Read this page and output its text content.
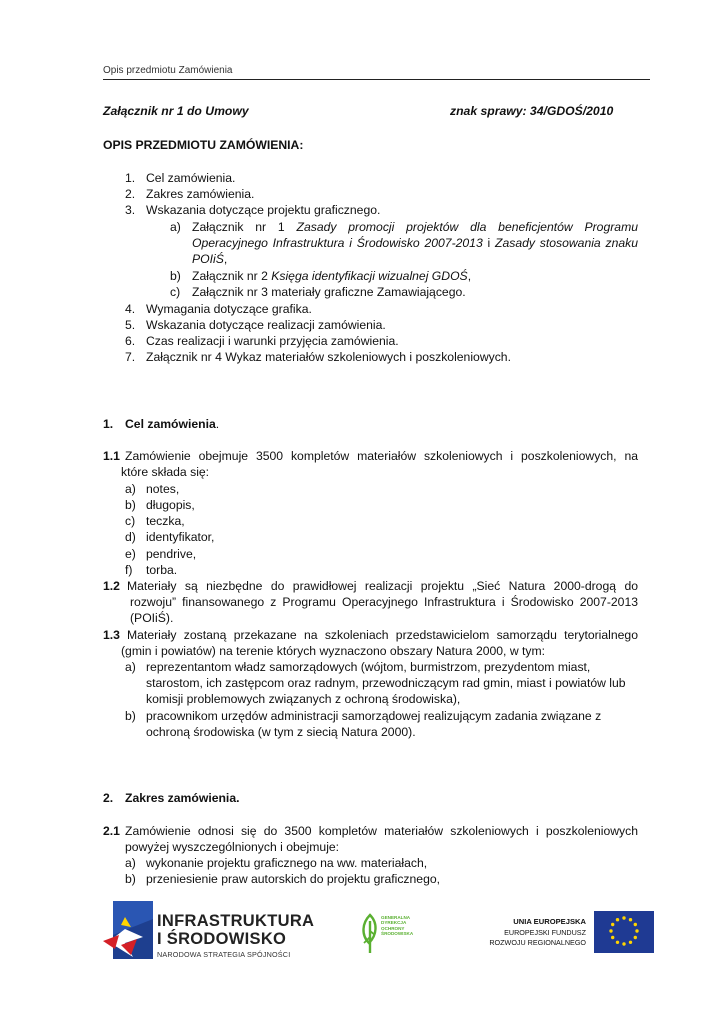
Opis przedmiotu Zamówienia
Załącznik nr 1 do Umowy	znak sprawy: 34/GDOŚ/2010
OPIS PRZEDMIOTU ZAMÓWIENIA:
1. Cel zamówienia.
2. Zakres zamówienia.
3. Wskazania dotyczące projektu graficznego.
a) Załącznik nr 1 Zasady promocji projektów dla beneficjentów Programu
Operacyjnego Infrastruktura i Środowisko 2007-2013 i Zasady stosowania znaku
POIiŚ,
b) Załącznik nr 2 Księga identyfikacji wizualnej GDOŚ,
c) Załącznik nr 3 materiały graficzne Zamawiającego.
4. Wymagania dotyczące grafika.
5. Wskazania dotyczące realizacji zamówienia.
6. Czas realizacji i warunki przyjęcia zamówienia.
7. Załącznik nr 4 Wykaz materiałów szkoleniowych i poszkoleniowych.
1. Cel zamówienia.
1.1 Zamówienie obejmuje 3500 kompletów materiałów szkoleniowych i poszkoleniowych, na
które składa się:
a) notes,
b) długopis,
c) teczka,
d) identyfikator,
e) pendrive,
f) torba.
1.2 Materiały są niezbędne do prawidłowej realizacji projektu „Sieć Natura 2000-drogą do
rozwoju” finansowanego z Programu Operacyjnego Infrastruktura i Środowisko 2007-2013
(POIiŚ).
1.3 Materiały zostaną przekazane na szkoleniach przedstawicielom samorządu terytorialnego
(gmin i powiatów) na terenie których wyznaczono obszary Natura 2000, w tym:
a) reprezentantom władz samorządowych (wójtom, burmistrzom, prezydentom miast,
starostom, ich zastępcom oraz radnym, przewodniczącym rad gmin, miast i powiatów lub
komisji problemowych związanych z ochroną środowiska),
b) pracownikom urzędów administracji samorządowej realizującym zadania związane z
ochroną środowiska (w tym z siecią Natura 2000).
2. Zakres zamówienia.
2.1 Zamówienie odnosi się do 3500 kompletów materiałów szkoleniowych i poszkoleniowych
powyżej wyszczególnionych i obejmuje:
a) wykonanie projektu graficznego na ww. materiałach,
b) przeniesienie praw autorskich do projektu graficznego,
INFRASTRUKTURA
I ŚRODOWISKO
NARODOWA STRATEGIA SPÓJNOŚCI
GENERALNA
DYREKCJA
OCHRONY
ŚRODOWISKA
UNIA EUROPEJSKA
EUROPEJSKI FUNDUSZ
ROZWOJU REGIONALNEGO
